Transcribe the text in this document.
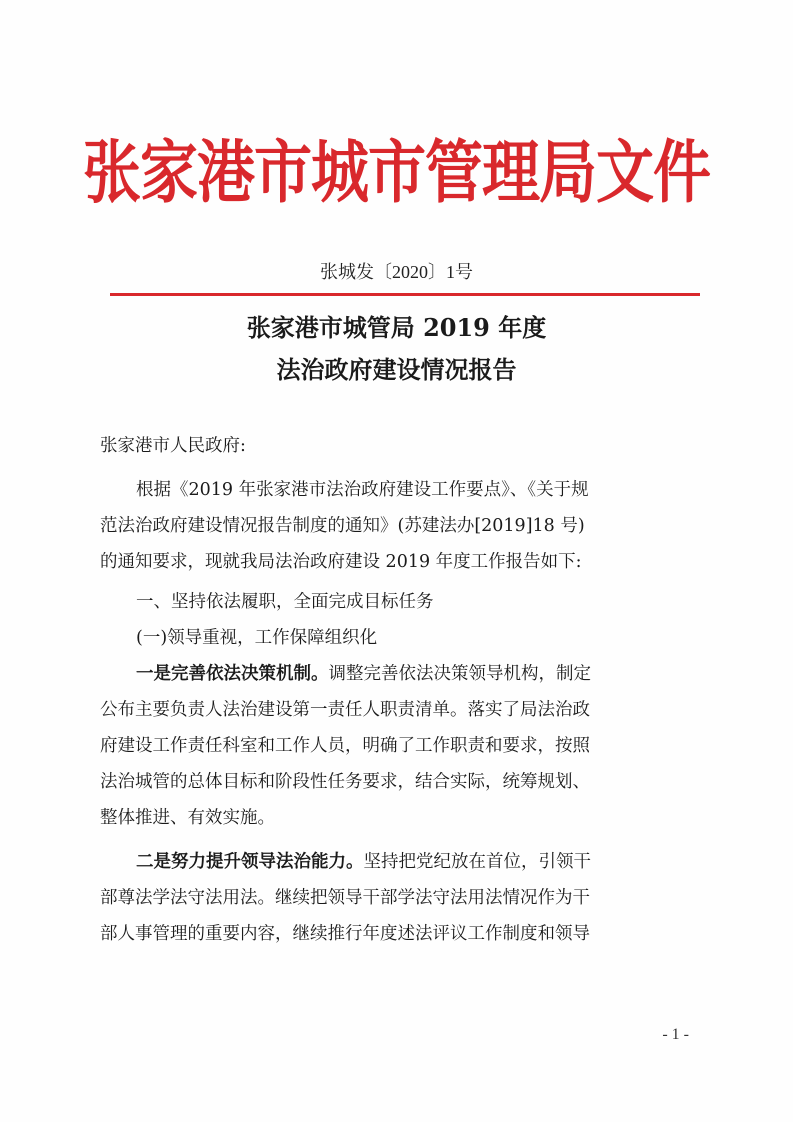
张家港市城市管理局文件
张城发〔2020〕1号
张家港市城管局 2019 年度
法治政府建设情况报告
张家港市人民政府:
根据《2019 年张家港市法治政府建设工作要点》、《关于规
范法治政府建设情况报告制度的通知》(苏建法办[2019]18 号)
的通知要求，现就我局法治政府建设 2019 年度工作报告如下:
一、坚持依法履职，全面完成目标任务
(一)领导重视，工作保障组织化
一是完善依法决策机制。调整完善依法决策领导机构，制定
公布主要负责人法治建设第一责任人职责清单。落实了局法治政
府建设工作责任科室和工作人员，明确了工作职责和要求，按照
法治城管的总体目标和阶段性任务要求，结合实际，统筹规划、
整体推进、有效实施。
二是努力提升领导法治能力。坚持把党纪放在首位，引领干
部尊法学法守法用法。继续把领导干部学法守法用法情况作为干
部人事管理的重要内容，继续推行年度述法评议工作制度和领导
- 1 -
